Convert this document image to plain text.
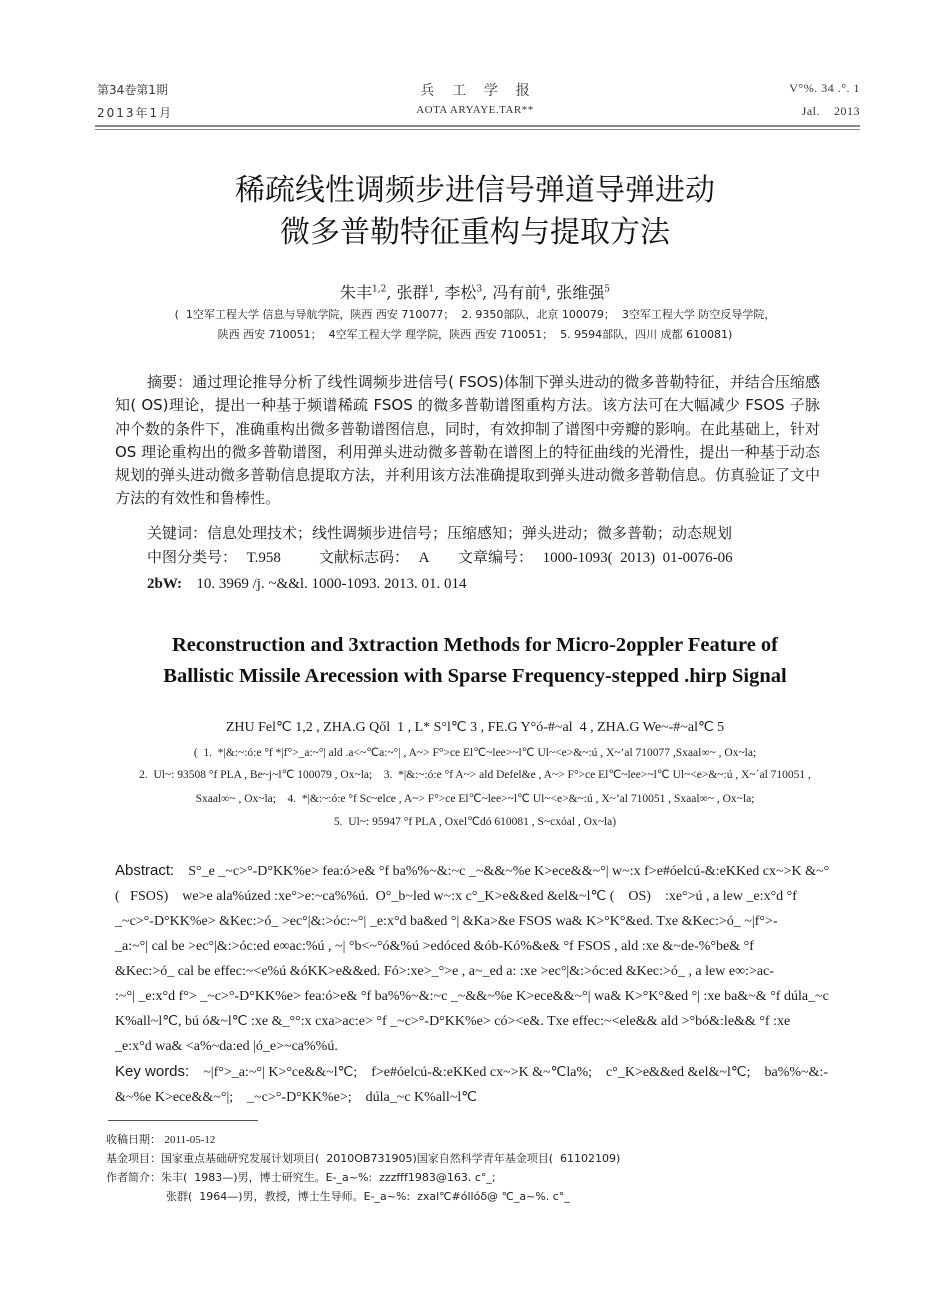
第34卷第1期
2013年1月
兵    工    学    报
AOTA ARYAYE.TAR**
V°%. 34 .°. 1
Jal.    2013
稀疏线性调频步进信号弹道导弹进动
微多普勒特征重构与提取方法
朱丰$^{1,2}$, 张群$^1$, 李松$^3$, 冯有前$^4$, 张维强$^5$
(  1空军工程大学 信息与导航学院，陕西 西安 710077；  2. 9350部队，北京 100079；  3空军工程大学 防空反导学院，
陕西 西安 710051；  4空军工程大学 理学院，陕西 西安 710051；  5. 9594部队，四川 成都 610081)
摘要：通过理论推导分析了线性调频步进信号( FSOS)体制下弹头进动的微多普勒特征，并结合压缩感知( OS)理论，提出一种基于频谱稀疏 FSOS 的微多普勒谱图重构方法。该方法可在大幅减少 FSOS 子脉冲个数的条件下，准确重构出微多普勒谱图信息，同时，有效抑制了谱图中旁瓣的影响。在此基础上，针对 OS 理论重构出的微多普勒谱图，利用弹头进动微多普勒在谱图上的特征曲线的光滑性，提出一种基于动态规划的弹头进动微多普勒信息提取方法，并利用该方法准确提取到弹头进动微多普勒信息。仿真验证了文中方法的有效性和鲁棒性。
关键词：信息处理技术；线性调频步进信号；压缩感知；弹头进动；微多普勒；动态规划
中图分类号： T.958	文献标志码： A 文章编号： 1000-1093(  2013)  01-0076-06
2bW: 10. 3969 /j. ~&&l. 1000-1093. 2013. 01. 014
Reconstruction and 3xtraction Methods for Micro-2oppler Feature of
Ballistic Missile Arecession with Sparse Frequency-stepped .hirp Signal
ZHU Fel℃ 1,2 , ZHA.G Qől  1 , L* S°l℃ 3 , FE.G Y°ó-#~al  4 , ZHA.G We~-#~al℃ 5
(  1.  *|&:~:ó:e °f *|f°>_a:~°| ald .a<~℃a:~°| , A~> F°>ce El℃~lee>~l℃ Ul~<e>&~:ú , X~’al 710077 ,Sxaal∞~ , Ox~la;
2.  Ul~: 93508 °f PLA , Be~j~l℃ 100079 , Ox~la;    3.  *|&:~:ó:e °f A~> ald Defel&e , A~> F°>ce El℃~lee>~l℃ Ul~<e>&~:ú , X~´al 710051 ,
Sxaal∞~ , Ox~la;    4.  *|&:~:ó:e °f Sc~elce , A~> F°>ce El℃~lee>~l℃ Ul~<e>&~:ú , X~’al 710051 , Sxaal∞~ , Ox~la;
5.  Ul~: 95947 °f PLA , Oxel℃dó 610081 , S~cxóal , Ox~la)
Abstract: S°_e _~c>°-D°KK%e> fea:ó>e& °f ba%%~&:~c _~&&~%e K>ece&&~°| w~:x f>e#óelcú-&:eKKed cx~>K &~°
(   FSOS)    we>e ala%úzed :xe°>e:~ca%%ú.  O°_b~led w~:x c°_K>e&&ed &el&~l℃ (    OS)    :xe°>ú , a lew _e:x°d °f
_~c>°-D°KK%e> &Kec:>ó_ >ec°|&:>óc:~°| _e:x°d ba&ed °| &Ka>&e FSOS wa& K>°K°&ed. Txe &Kec:>ó_ ~|f°>-
_a:~°| cal be >ec°|&:>óc:ed e∞ac:%ú , ~| °b<~°ó&%ú >edóced &ób-Kó%&e& °f FSOS , ald :xe &~de-%°be& °f
&Kec:>ó_ cal be effec:~<e%ú &óKK>e&&ed. Fó>:xe>_°>e , a~_ed a: :xe >ec°|&:>óc:ed &Kec:>ó_ , a lew e∞:>ac-
:~°| _e:x°d f°> _~c>°-D°KK%e> fea:ó>e& °f ba%%~&:~c _~&&~%e K>ece&&~°| wa& K>°K°&ed °| :xe ba&~& °f dúla_~c
K%all~l℃, bú ó&~l℃ :xe &_°°:x cxa>ac:e> °f _~c>°-D°KK%e> có><e&. Txe effec:~<ele&& ald >°bó&:le&& °f :xe
_e:x°d wa& <a%~da:ed |ó_e>~ca%%ú.
Key words: ~|f°>_a:~°| K>°ce&&~l℃;    f>e#óelcú-&:eKKed cx~>K &~℃la%;    c°_K>e&&ed &el&~l℃;    ba%%~&:-
&~%e K>ece&&~°|;    _~c>°-D°KK%e>;    dúla_~c K%all~l℃
收稿日期： 2011-05-12
基金项目：国家重点基础研究发展计划项目(  2010OB731905)国家自然科学青年基金项目(  61102109)
作者简介：朱丰(  1983—)男，博士研究生。E-_a~%:  zzzfff1983@163. c°_;
张群(  1964—)男，教授，博士生导师。E-_a~%:  zxal℃#óllóδ@ ℃_a~%. c°_
